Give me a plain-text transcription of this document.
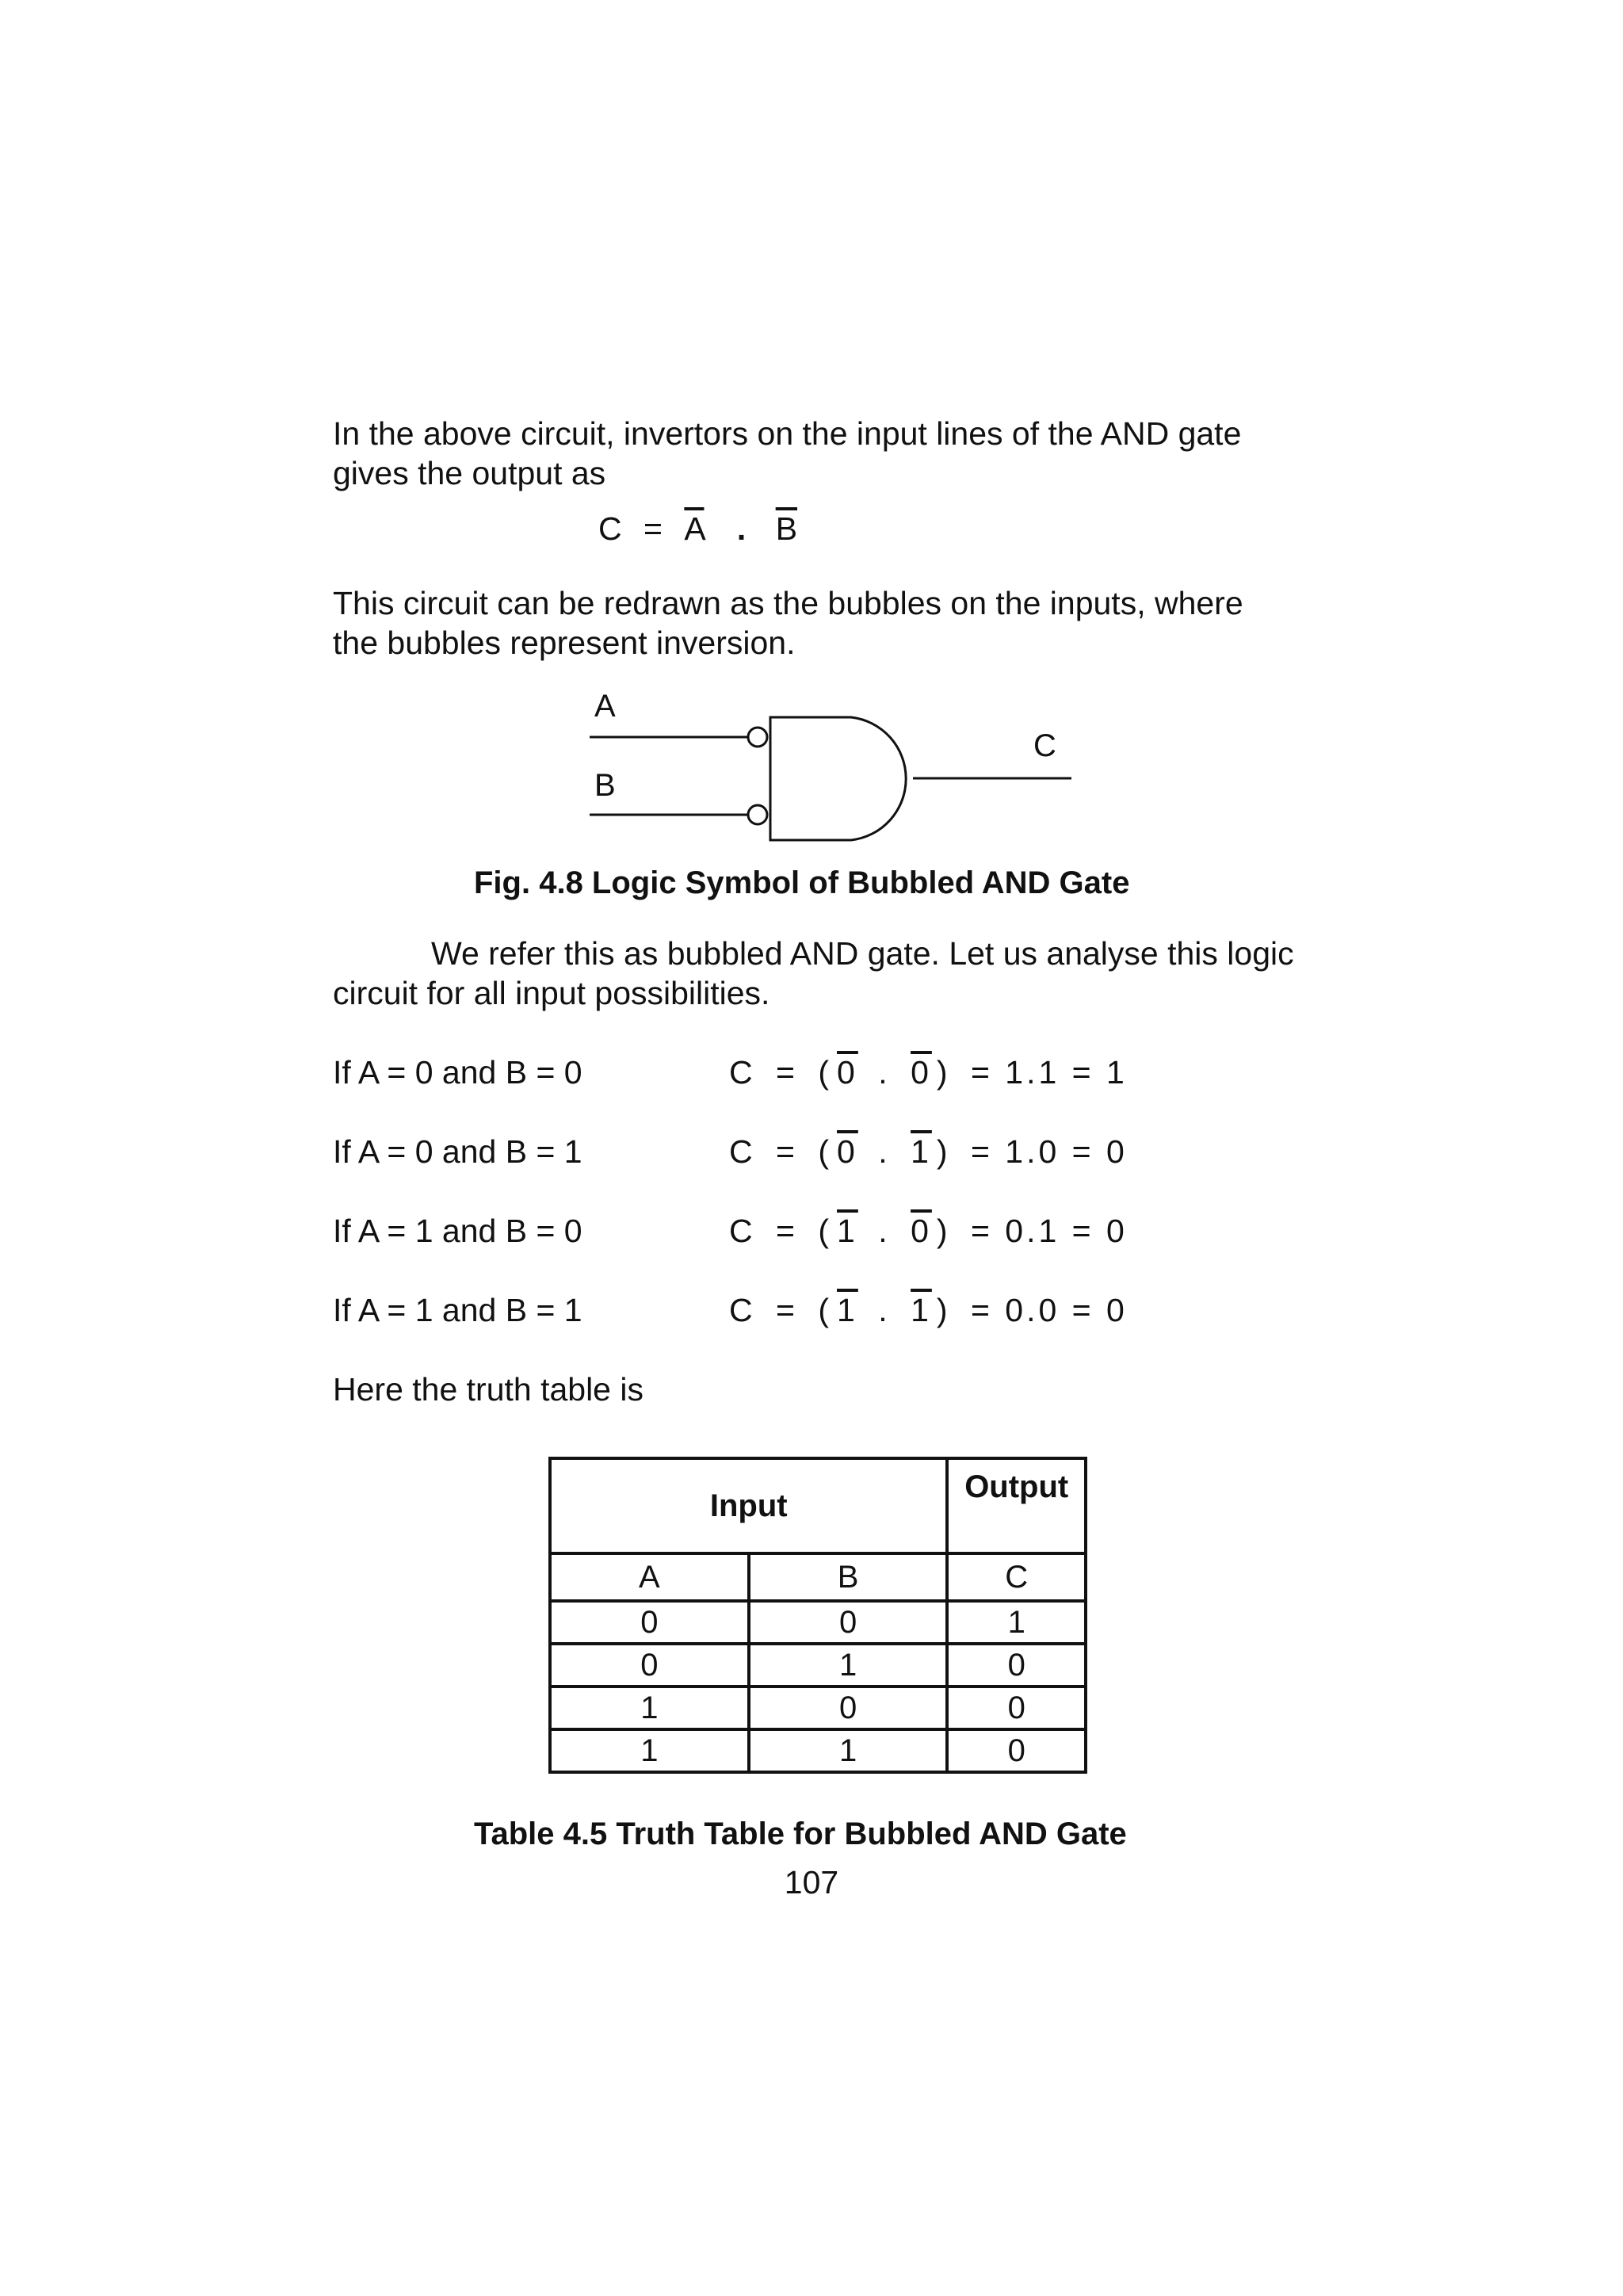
In the above circuit, invertors on the input lines of the AND gate
gives the output as
$C = \overline{A}$ . $\overline{B}$
This circuit can be redrawn as the bubbles on the inputs, where
the bubbles represent inversion.
A
B
C
Fig. 4.8 Logic Symbol of Bubbled AND Gate
We refer this as bubbled AND gate. Let us analyse this logic
circuit for all input possibilities.
If A = 0 and B = 0	C = ( 0 . 0 ) = 1.1 = 1
If A = 0 and B = 1	C = ( 0 . 1 ) = 1.0 = 0
If A = 1 and B = 0	C = ( 1 . 0 ) = 0.1 = 0
If A = 1 and B = 1	C = ( 1 . 1 ) = 0.0 = 0
Here the truth table is
Input		Output
A	B	C
0	0	1
0	1	0
1	0	0
1	1	0
Table 4.5 Truth Table for Bubbled AND Gate
107
